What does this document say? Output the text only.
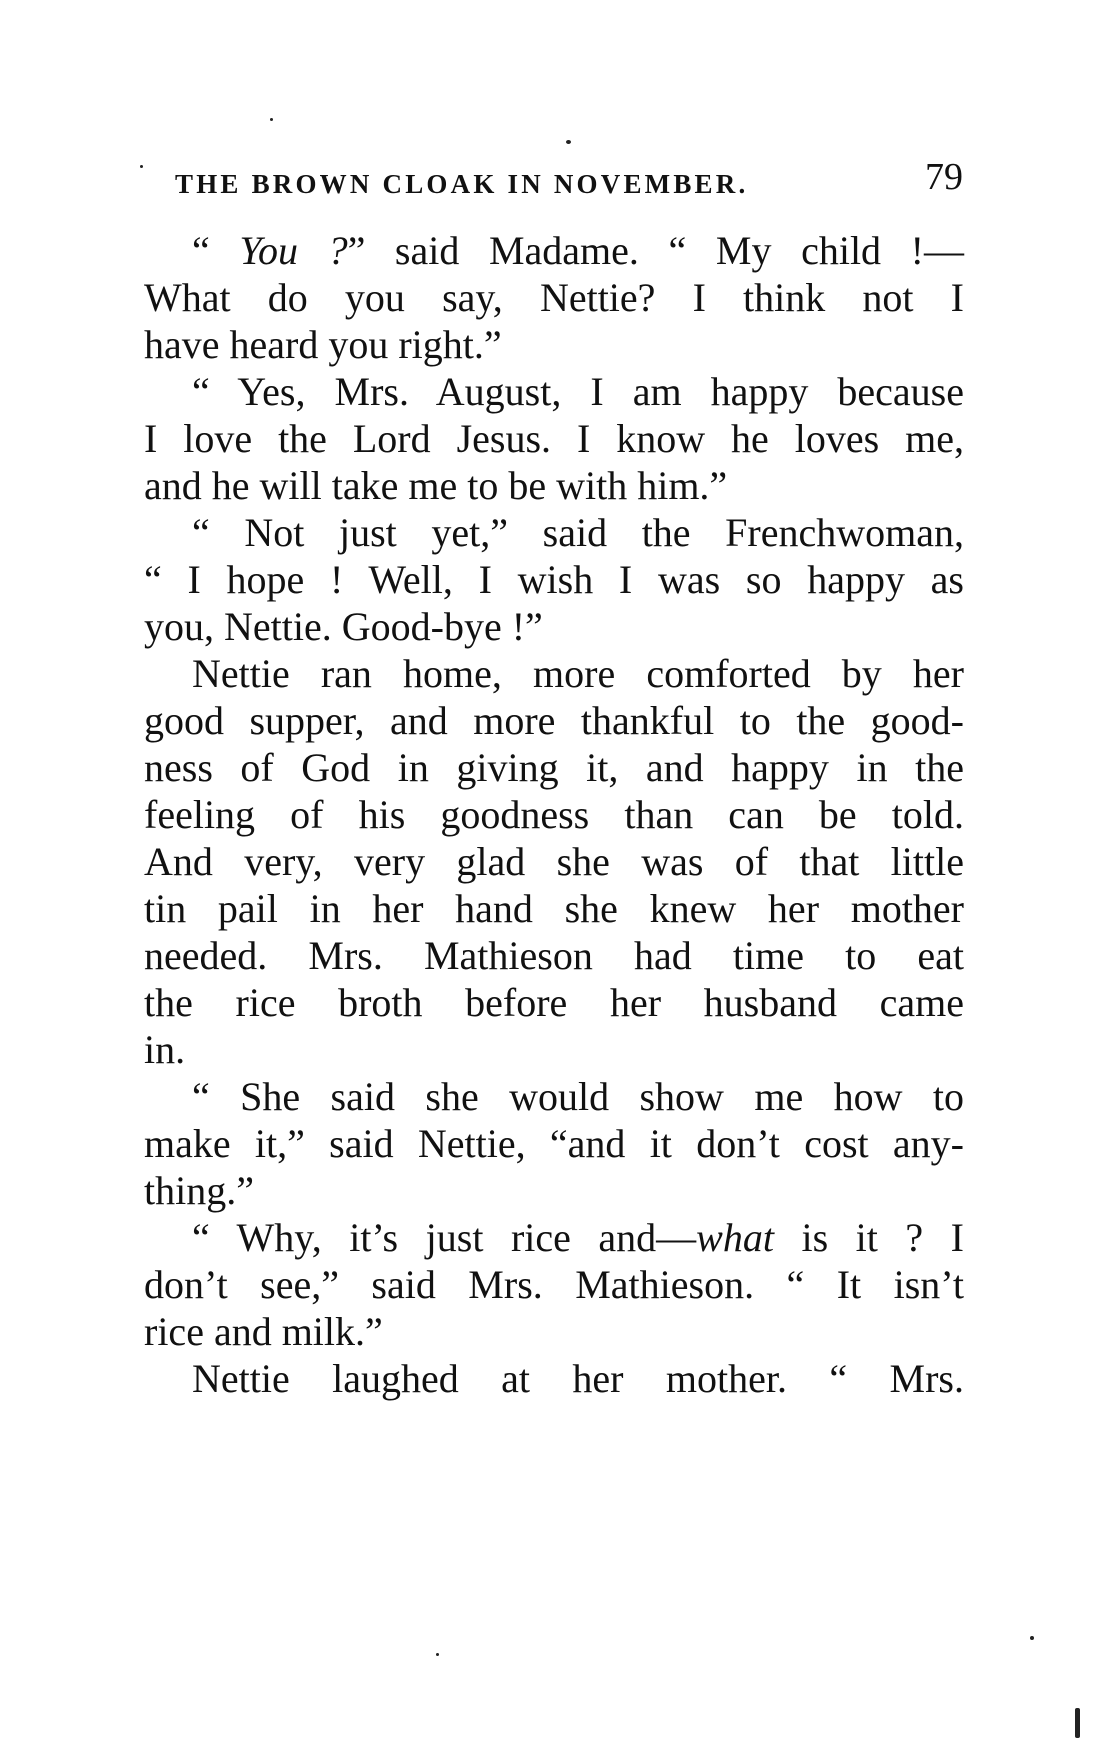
THE BROWN CLOAK IN NOVEMBER.	79
“ You ?” said Madame. “ My child !—
What do you say, Nettie? I think not I
have heard you right.”
“ Yes, Mrs. August, I am happy because
I love the Lord Jesus. I know he loves me,
and he will take me to be with him.”
“ Not just yet,” said the Frenchwoman,
“ I hope ! Well, I wish I was so happy as
you, Nettie. Good-bye !”
Nettie ran home, more comforted by her
good supper, and more thankful to the good-
ness of God in giving it, and happy in the
feeling of his goodness than can be told.
And very, very glad she was of that little
tin pail in her hand she knew her mother
needed. Mrs. Mathieson had time to eat
the rice broth before her husband came
in.
“ She said she would show me how to
make it,” said Nettie, “and it don’t cost any-
thing.”
“ Why, it’s just rice and—what is it ? I
don’t see,” said Mrs. Mathieson. “ It isn’t
rice and milk.”
Nettie laughed at her mother. “ Mrs.
